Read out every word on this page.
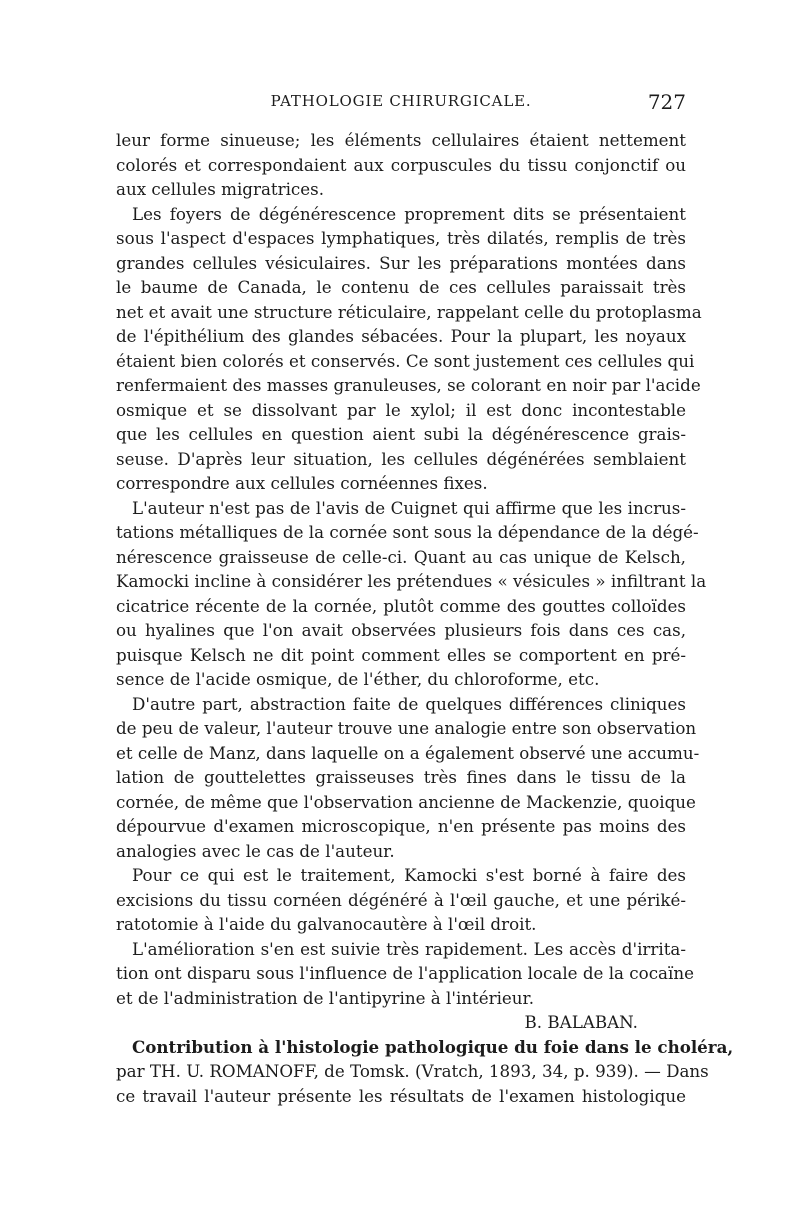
PATHOLOGIE CHIRURGICALE.	727
leur forme sinueuse; les éléments cellulaires étaient nettement
colorés et correspondaient aux corpuscules du tissu conjonctif ou
aux cellules migratrices.
Les foyers de dégénérescence proprement dits se présentaient
sous l'aspect d'espaces lymphatiques, très dilatés, remplis de très
grandes cellules vésiculaires. Sur les préparations montées dans
le baume de Canada, le contenu de ces cellules paraissait très
net et avait une structure réticulaire, rappelant celle du protoplasma
de l'épithélium des glandes sébacées. Pour la plupart, les noyaux
étaient bien colorés et conservés. Ce sont justement ces cellules qui
renfermaient des masses granuleuses, se colorant en noir par l'acide
osmique et se dissolvant par le xylol; il est donc incontestable
que les cellules en question aient subi la dégénérescence grais-
seuse. D'après leur situation, les cellules dégénérées semblaient
correspondre aux cellules cornéennes fixes.
L'auteur n'est pas de l'avis de Cuignet qui affirme que les incrus-
tations métalliques de la cornée sont sous la dépendance de la dégé-
nérescence graisseuse de celle-ci. Quant au cas unique de Kelsch,
Kamocki incline à considérer les prétendues « vésicules » infiltrant la
cicatrice récente de la cornée, plutôt comme des gouttes colloïdes
ou hyalines que l'on avait observées plusieurs fois dans ces cas,
puisque Kelsch ne dit point comment elles se comportent en pré-
sence de l'acide osmique, de l'éther, du chloroforme, etc.
D'autre part, abstraction faite de quelques différences cliniques
de peu de valeur, l'auteur trouve une analogie entre son observation
et celle de Manz, dans laquelle on a également observé une accumu-
lation de gouttelettes graisseuses très fines dans le tissu de la
cornée, de même que l'observation ancienne de Mackenzie, quoique
dépourvue d'examen microscopique, n'en présente pas moins des
analogies avec le cas de l'auteur.
Pour ce qui est le traitement, Kamocki s'est borné à faire des
excisions du tissu cornéen dégénéré à l'œil gauche, et une périké-
ratotomie à l'aide du galvanocautère à l'œil droit.
L'amélioration s'en est suivie très rapidement. Les accès d'irrita-
tion ont disparu sous l'influence de l'application locale de la cocaïne
et de l'administration de l'antipyrine à l'intérieur.
B. BALABAN.
Contribution à l'histologie pathologique du foie dans le choléra,
par TH. U. ROMANOFF, de Tomsk. (Vratch, 1893, 34, p. 939). — Dans
ce travail l'auteur présente les résultats de l'examen histologique
